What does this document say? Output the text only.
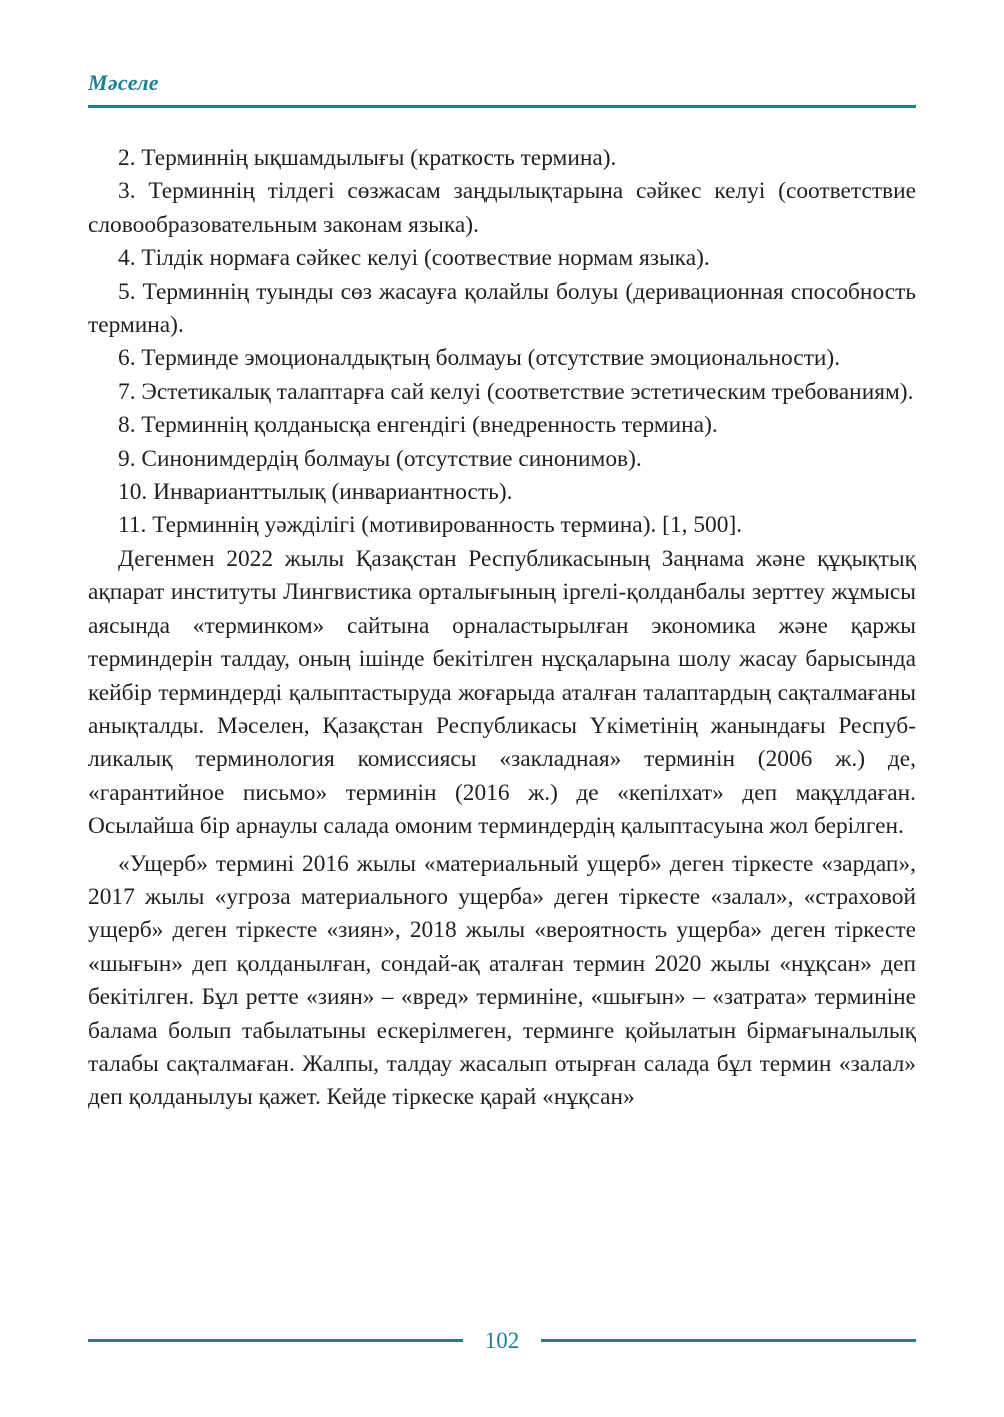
Мәселе

2. Терминнің ықшамдылығы (краткость термина).

3. Терминнің тілдегі сөзжасам заңдылықтарына сәйкес келуі (соответствие словообразовательным законам языка).

4. Тілдік нормаға сәйкес келуі (соотвествие нормам языка).

5. Терминнің туынды сөз жасауға қолайлы болуы (деривационная способность термина).

6. Терминде эмоционалдықтың болмауы (отсутствие эмоциональности).

7. Эстетикалық талаптарға сай келуі (соответствие эстетическим требованиям).

8. Терминнің қолданысқа енгендігі (внедренность термина).

9. Синонимдердің болмауы (отсутствие синонимов).

10. Инварианттылық (инвариантность).

11. Терминнің уәжділігі (мотивированность термина). [1, 500].

Дегенмен 2022 жылы Қазақстан Республикасының Заңнама және құқықтық ақпарат институты Лингвистика орталығының іргелі-қолданбалы зерттеу жұмысы аясында «терминком» сайтына орналастырылған экономика және қаржы терминдерін талдау, оның ішінде бекітілген нұсқаларына шолу жасау барысында кейбір терминдерді қалыптастыруда жоғарыда аталған талаптардың сақталмағаны анықталды. Мәселен, Қазақстан Республикасы Үкіметінің жанындағы Республикалық терминология комиссиясы «закладная» терминін (2006 ж.) де, «гарантийное письмо» терминін (2016 ж.) де «кепілхат» деп мақұлдаған. Осылайша бір арнаулы салада омоним терминдердің қалыптасуына жол берілген.

«Ущерб» термині 2016 жылы «материальный ущерб» деген тіркесте «зардап», 2017 жылы «угроза материального ущерба» деген тіркесте «залал», «страховой ущерб» деген тіркесте «зиян», 2018 жылы «вероятность ущерба» деген тіркесте «шығын» деп қолданылған, сондай-ақ аталған термин 2020 жылы «нұқсан» деп бекітілген. Бұл ретте «зиян» – «вред» терминіне, «шығын» – «затрата» терминіне балама болып табылатыны ескерілмеген, терминге қойылатын бірмағыналылық талабы сақталмаған. Жалпы, талдау жасалып отырған салада бұл термин «залал» деп қолданылуы қажет. Кейде тіркеске қарай «нұқсан»

102
